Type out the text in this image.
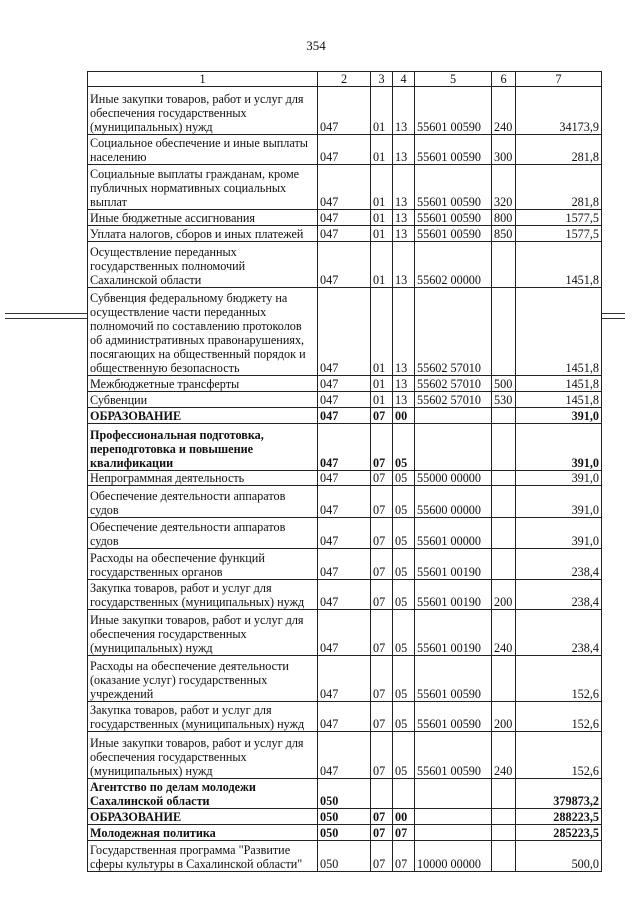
354
1	2	3	4	5	6	7
Иные закупки товаров, работ и услуг для обеспечения государственных (муниципальных) нужд	047	01	13	55601 00590	240	34173,9
Социальное обеспечение и иные выплаты населению	047	01	13	55601 00590	300	281,8
Социальные выплаты гражданам, кроме публичных нормативных социальных выплат	047	01	13	55601 00590	320	281,8
Иные бюджетные ассигнования	047	01	13	55601 00590	800	1577,5
Уплата налогов, сборов и иных платежей	047	01	13	55601 00590	850	1577,5
Осуществление переданных государственных полномочий Сахалинской области	047	01	13	55602 00000		1451,8
Субвенция федеральному бюджету на осуществление части переданных полномочий по составлению протоколов об административных правонарушениях, посягающих на общественный порядок и общественную безопасность	047	01	13	55602 57010		1451,8
Межбюджетные трансферты	047	01	13	55602 57010	500	1451,8
Субвенции	047	01	13	55602 57010	530	1451,8
ОБРАЗОВАНИЕ	047	07	00			391,0
Профессиональная подготовка, переподготовка и повышение квалификации	047	07	05			391,0
Непрограммная деятельность	047	07	05	55000 00000		391,0
Обеспечение деятельности аппаратов судов	047	07	05	55600 00000		391,0
Обеспечение деятельности аппаратов судов	047	07	05	55601 00000		391,0
Расходы на обеспечение функций государственных органов	047	07	05	55601 00190		238,4
Закупка товаров, работ и услуг для государственных (муниципальных) нужд	047	07	05	55601 00190	200	238,4
Иные закупки товаров, работ и услуг для обеспечения государственных (муниципальных) нужд	047	07	05	55601 00190	240	238,4
Расходы на обеспечение деятельности (оказание услуг) государственных учреждений	047	07	05	55601 00590		152,6
Закупка товаров, работ и услуг для государственных (муниципальных) нужд	047	07	05	55601 00590	200	152,6
Иные закупки товаров, работ и услуг для обеспечения государственных (муниципальных) нужд	047	07	05	55601 00590	240	152,6
Агентство по делам молодежи Сахалинской области	050					379873,2
ОБРАЗОВАНИЕ	050	07	00			288223,5
Молодежная политика	050	07	07			285223,5
Государственная программа "Развитие сферы культуры в Сахалинской области"	050	07	07	10000 00000		500,0
